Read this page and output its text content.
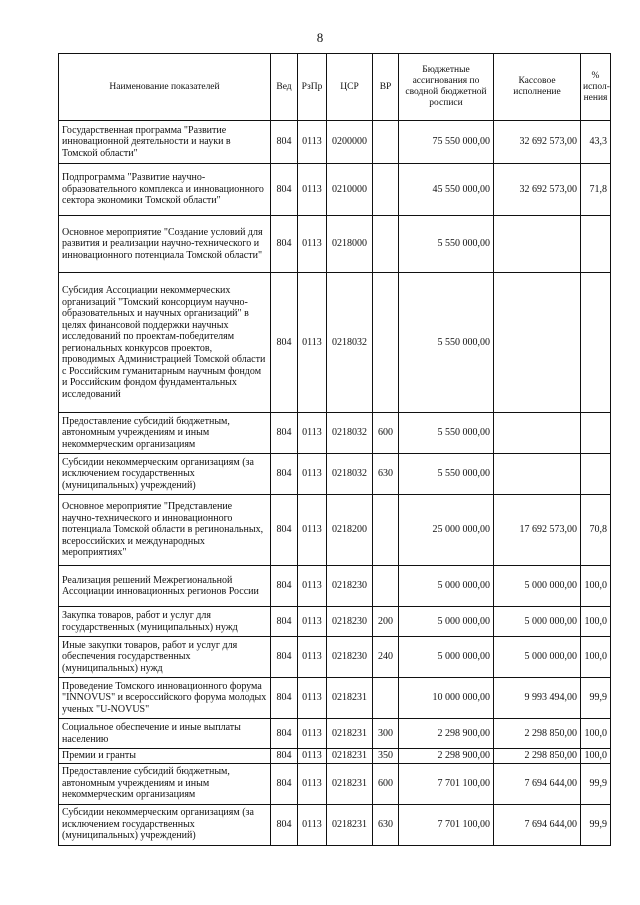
8
Наименование показателей	Вед	РзПр	ЦСР	ВР	Бюджетные ассигнования по сводной бюджетной росписи	Кассовое исполнение	% испол-нения
Государственная программа "Развитие инновационной деятельности и науки в Томской области"	804	0113	0200000		75 550 000,00	32 692 573,00	43,3
Подпрограмма "Развитие научно-образовательного комплекса и инновационного сектора экономики Томской области"	804	0113	0210000		45 550 000,00	32 692 573,00	71,8
Основное мероприятие "Создание условий для развития и реализации научно-технического и инновационного потенциала Томской области"	804	0113	0218000		5 550 000,00		
Субсидия Ассоциации некоммерческих организаций "Томский консорциум научно-образовательных и научных организаций" в целях финансовой поддержки научных исследований по проектам-победителям региональных конкурсов проектов, проводимых Администрацией Томской области с Российским гуманитарным научным фондом и Российским фондом фундаментальных исследований	804	0113	0218032		5 550 000,00		
Предоставление субсидий бюджетным, автономным учреждениям и иным некоммерческим организациям	804	0113	0218032	600	5 550 000,00		
Субсидии некоммерческим организациям (за исключением государственных (муниципальных) учреждений)	804	0113	0218032	630	5 550 000,00		
Основное мероприятие "Представление научно-технического и инновационного потенциала Томской области в регинональных, всероссийских и международных мероприятиях"	804	0113	0218200		25 000 000,00	17 692 573,00	70,8
Реализация решений Межрегиональной Ассоциации инновационных регионов России	804	0113	0218230		5 000 000,00	5 000 000,00	100,0
Закупка товаров, работ и услуг для государственных (муниципальных) нужд	804	0113	0218230	200	5 000 000,00	5 000 000,00	100,0
Иные закупки товаров, работ и услуг для обеспечения государственных (муниципальных) нужд	804	0113	0218230	240	5 000 000,00	5 000 000,00	100,0
Проведение Томского инновационного форума "INNOVUS" и всероссийского форума молодых ученых "U-NOVUS"	804	0113	0218231		10 000 000,00	9 993 494,00	99,9
Социальное обеспечение и иные выплаты населению	804	0113	0218231	300	2 298 900,00	2 298 850,00	100,0
Премии и гранты	804	0113	0218231	350	2 298 900,00	2 298 850,00	100,0
Предоставление субсидий бюджетным, автономным учреждениям и иным некоммерческим организациям	804	0113	0218231	600	7 701 100,00	7 694 644,00	99,9
Субсидии некоммерческим организациям (за исключением государственных (муниципальных) учреждений)	804	0113	0218231	630	7 701 100,00	7 694 644,00	99,9
